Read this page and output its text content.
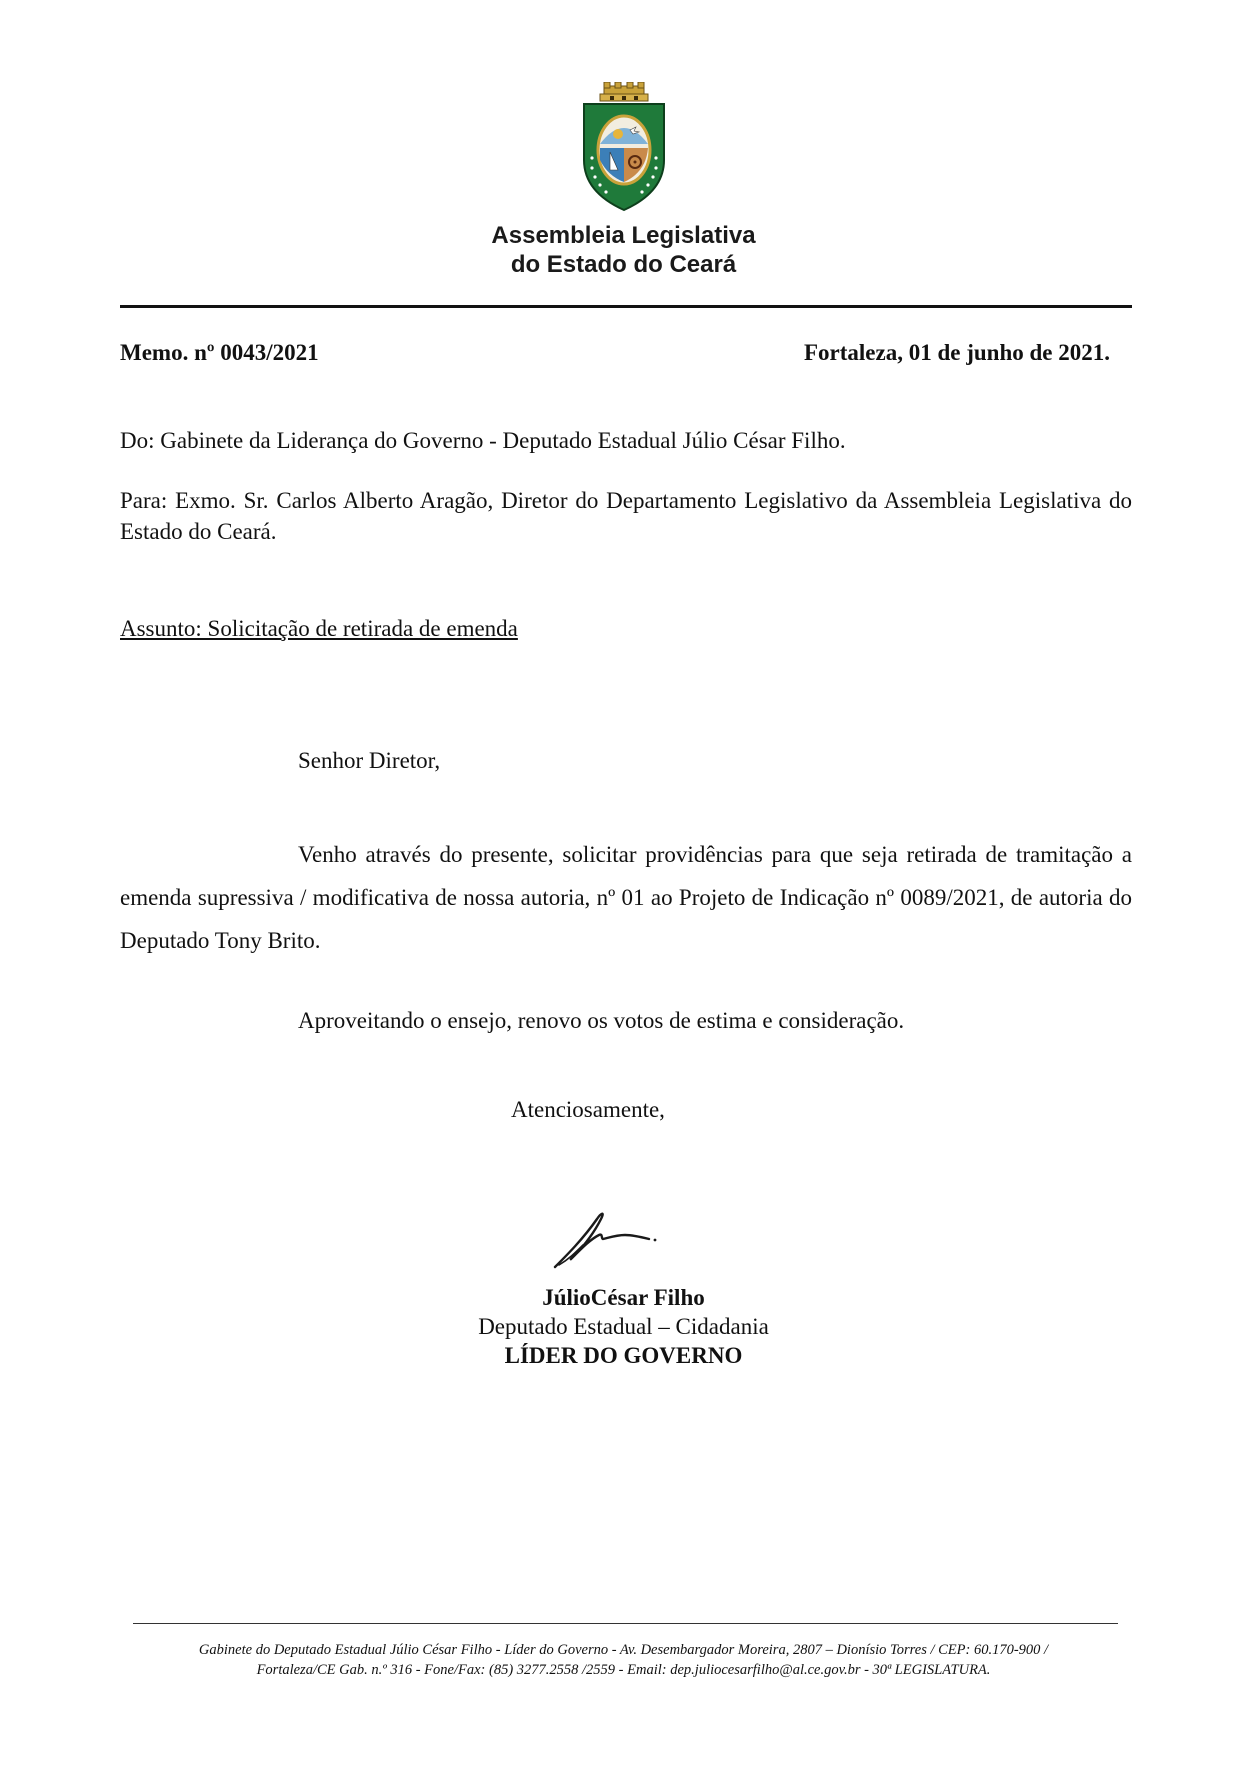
Assembleia Legislativa
do Estado do Ceará
Memo. nº 0043/2021	Fortaleza, 01 de junho de 2021.
Do: Gabinete da Liderança do Governo - Deputado Estadual Júlio César Filho.
Para: Exmo. Sr. Carlos Alberto Aragão, Diretor do Departamento Legislativo da Assembleia Legislativa do Estado do Ceará.
Assunto: Solicitação de retirada de emenda
Senhor Diretor,
Venho através do presente, solicitar providências para que seja retirada de tramitação a emenda supressiva / modificativa de nossa autoria, nº 01 ao Projeto de Indicação nº 0089/2021, de autoria do Deputado Tony Brito.
Aproveitando o ensejo, renovo os votos de estima e consideração.
Atenciosamente,
JúlioCésar Filho
Deputado Estadual – Cidadania
LÍDER DO GOVERNO
Gabinete do Deputado Estadual Júlio César Filho - Líder do Governo - Av. Desembargador Moreira, 2807 – Dionísio Torres / CEP: 60.170-900 /
Fortaleza/CE Gab. n.º 316 - Fone/Fax: (85) 3277.2558 /2559 - Email: dep.juliocesarfilho@al.ce.gov.br - 30ª LEGISLATURA.
